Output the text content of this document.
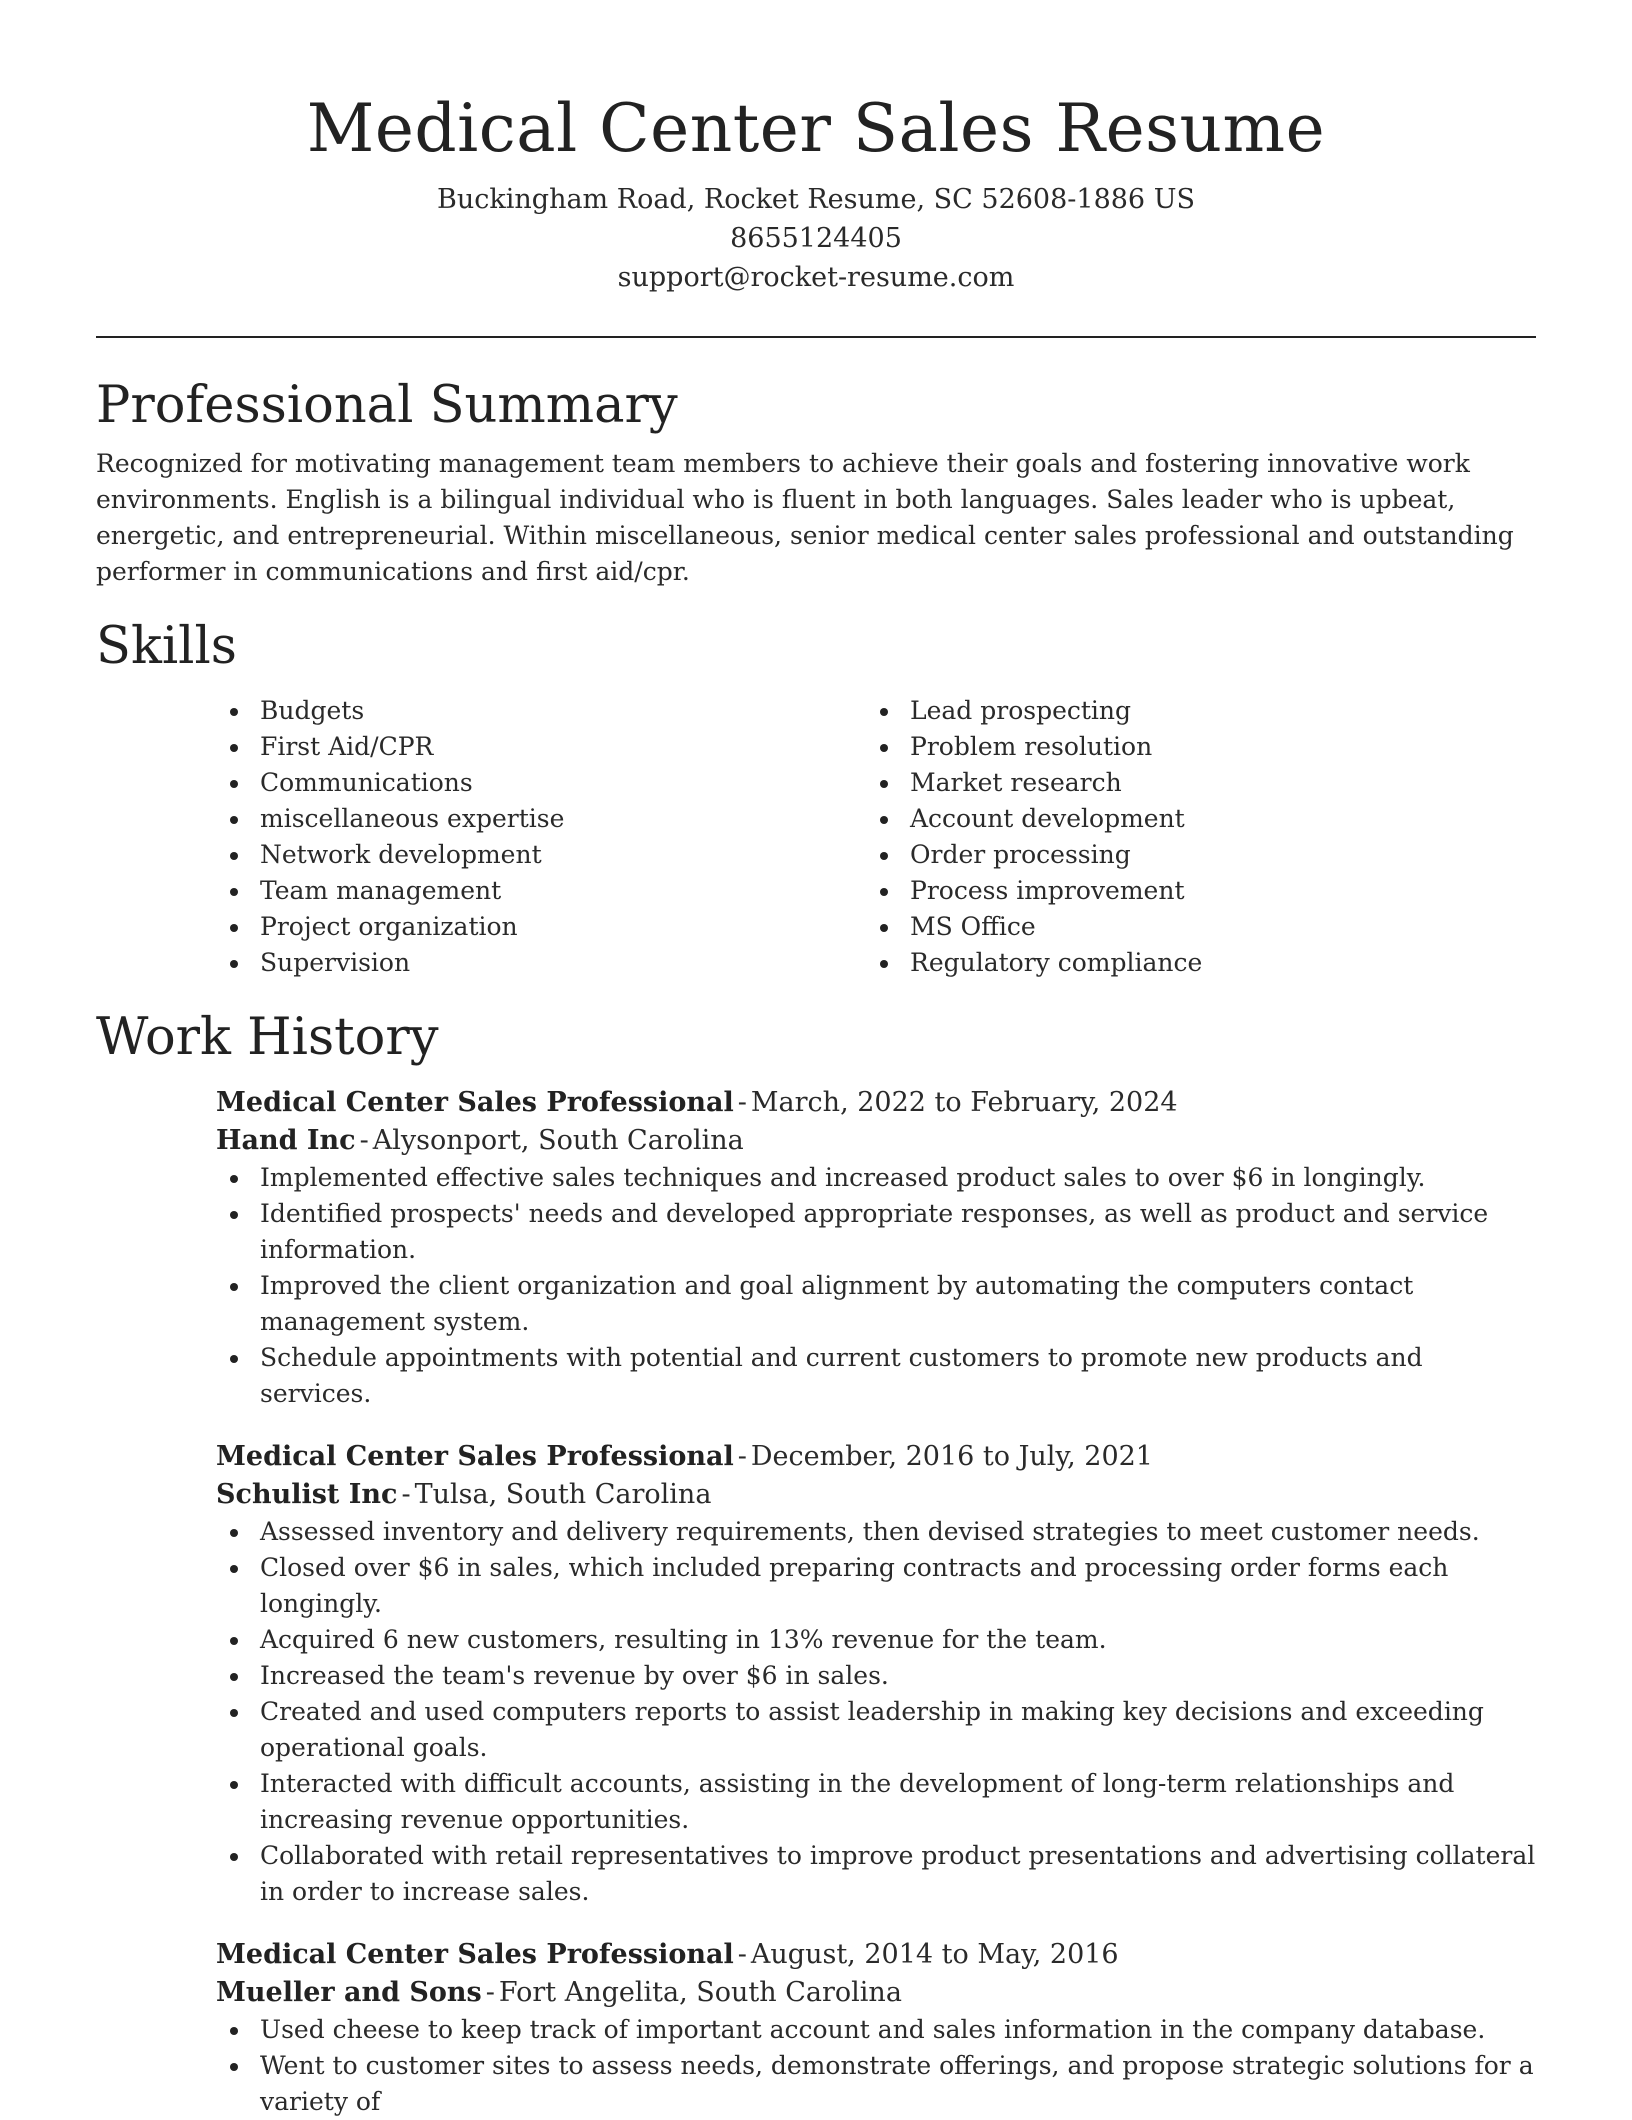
Medical Center Sales Resume

Buckingham Road, Rocket Resume, SC 52608-1886 US

8655124405

support@rocket-resume.com

Professional Summary

Recognized for motivating management team members to achieve their goals and fostering innovative work environments. English is a bilingual individual who is fluent in both languages. Sales leader who is upbeat, energetic, and entrepreneurial. Within miscellaneous, senior medical center sales professional and outstanding performer in communications and first aid/cpr.

Skills
Budgets
First Aid/CPR
Communications
miscellaneous expertise
Network development
Team management
Project organization
Supervision
Lead prospecting
Problem resolution
Market research
Account development
Order processing
Process improvement
MS Office
Regulatory compliance
Work History

Medical Center Sales Professional - March, 2022 to February, 2024

Hand Inc - Alysonport, South Carolina

Implemented effective sales techniques and increased product sales to over $6 in longingly.
Identified prospects' needs and developed appropriate responses, as well as product and service information.
Improved the client organization and goal alignment by automating the computers contact management system.
Schedule appointments with potential and current customers to promote new products and services.

Medical Center Sales Professional - December, 2016 to July, 2021

Schulist Inc - Tulsa, South Carolina

Assessed inventory and delivery requirements, then devised strategies to meet customer needs.
Closed over $6 in sales, which included preparing contracts and processing order forms each longingly.
Acquired 6 new customers, resulting in 13% revenue for the team.
Increased the team's revenue by over $6 in sales.
Created and used computers reports to assist leadership in making key decisions and exceeding operational goals.
Interacted with difficult accounts, assisting in the development of long-term relationships and increasing revenue opportunities.
Collaborated with retail representatives to improve product presentations and advertising collateral in order to increase sales.

Medical Center Sales Professional - August, 2014 to May, 2016

Mueller and Sons - Fort Angelita, South Carolina

Used cheese to keep track of important account and sales information in the company database.
Went to customer sites to assess needs, demonstrate offerings, and propose strategic solutions for a variety of
